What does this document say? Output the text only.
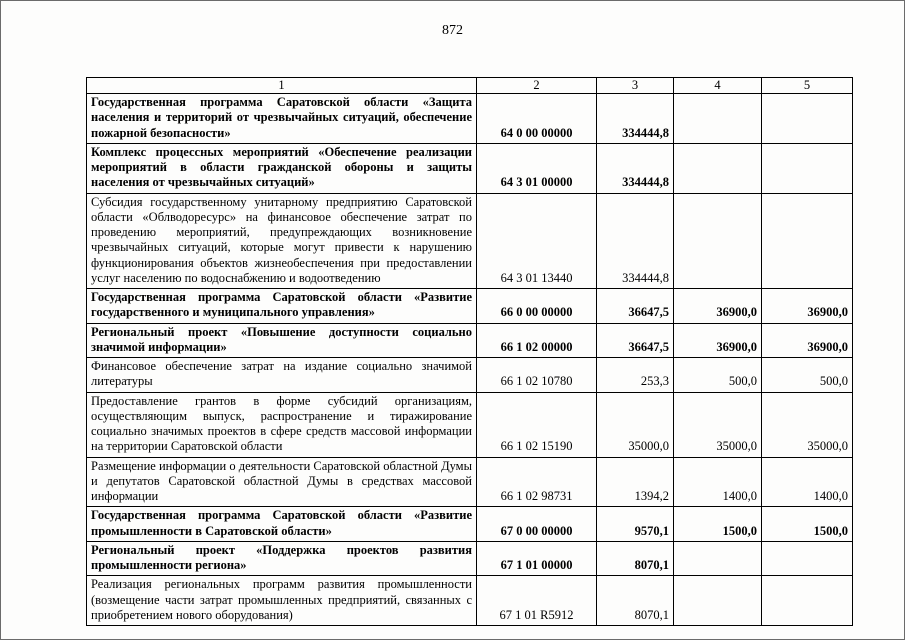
872
1	2	3	4	5
Государственная программа Саратовской области «Защита населения и территорий от чрезвычайных ситуаций, обеспечение пожарной безопасности»	64 0 00 00000	334444,8		
Комплекс процессных мероприятий «Обеспечение реализации мероприятий в области гражданской обороны и защиты населения от чрезвычайных ситуаций»	64 3 01 00000	334444,8		
Субсидия государственному унитарному предприятию Саратовской области «Облводоресурс» на финансовое обеспечение затрат по проведению мероприятий, предупреждающих возникновение чрезвычайных ситуаций, которые могут привести к нарушению функционирования объектов жизнеобеспечения при предоставлении услуг населению по водоснабжению и водоотведению	64 3 01 13440	334444,8		
Государственная программа Саратовской области «Развитие государственного и муниципального управления»	66 0 00 00000	36647,5	36900,0	36900,0
Региональный проект «Повышение доступности социально значимой информации»	66 1 02 00000	36647,5	36900,0	36900,0
Финансовое обеспечение затрат на издание социально значимой литературы	66 1 02 10780	253,3	500,0	500,0
Предоставление грантов в форме субсидий организациям, осуществляющим выпуск, распространение и тиражирование социально значимых проектов в сфере средств массовой информации на территории Саратовской области	66 1 02 15190	35000,0	35000,0	35000,0
Размещение информации о деятельности Саратовской областной Думы и депутатов Саратовской областной Думы в средствах массовой информации	66 1 02 98731	1394,2	1400,0	1400,0
Государственная программа Саратовской области «Развитие промышленности в Саратовской области»	67 0 00 00000	9570,1	1500,0	1500,0
Региональный проект «Поддержка проектов развития промышленности региона»	67 1 01 00000	8070,1		
Реализация региональных программ развития промышленности (возмещение части затрат промышленных предприятий, связанных с приобретением нового оборудования)	67 1 01 R5912	8070,1		
